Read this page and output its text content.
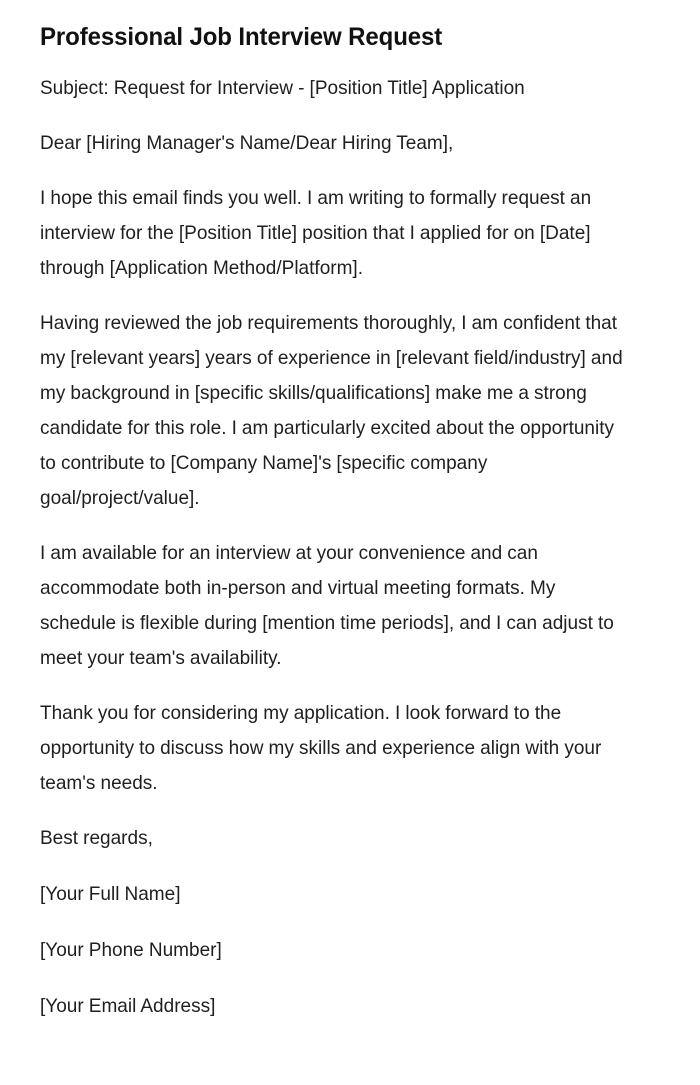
Professional Job Interview Request

Subject: Request for Interview - [Position Title] Application

Dear [Hiring Manager's Name/Dear Hiring Team],

I hope this email finds you well. I am writing to formally request an interview for the [Position Title] position that I applied for on [Date] through [Application Method/Platform].

Having reviewed the job requirements thoroughly, I am confident that my [relevant years] years of experience in [relevant field/industry] and my background in [specific skills/qualifications] make me a strong candidate for this role. I am particularly excited about the opportunity to contribute to [Company Name]'s [specific company goal/project/value].

I am available for an interview at your convenience and can accommodate both in-person and virtual meeting formats. My schedule is flexible during [mention time periods], and I can adjust to meet your team's availability.

Thank you for considering my application. I look forward to the opportunity to discuss how my skills and experience align with your team's needs.

Best regards,

[Your Full Name]

[Your Phone Number]

[Your Email Address]
